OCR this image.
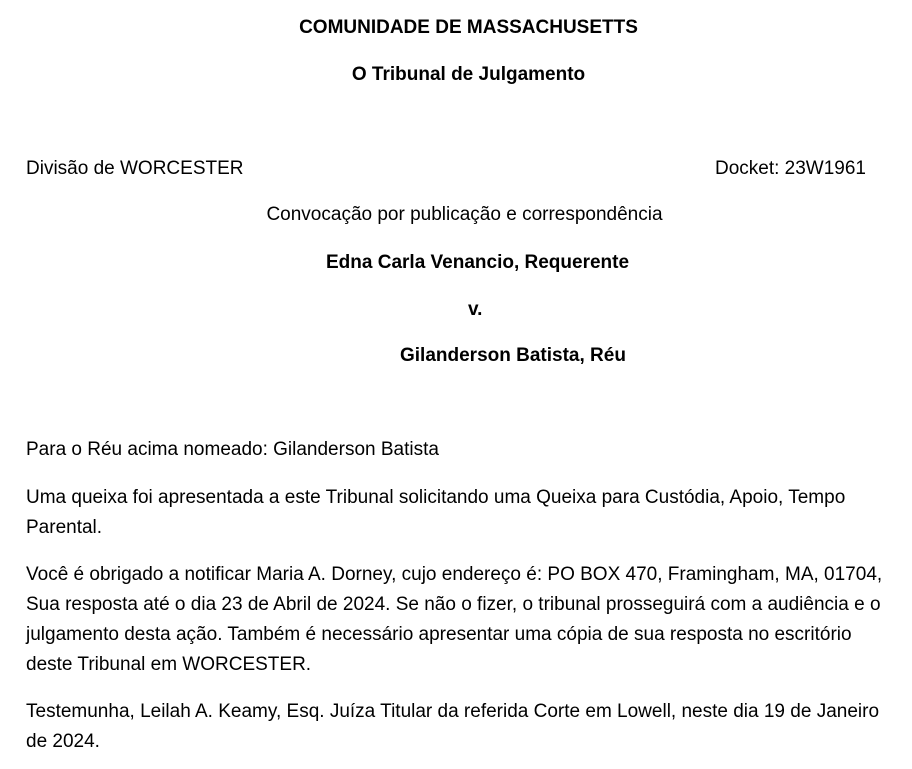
COMUNIDADE DE MASSACHUSETTS
O Tribunal de Julgamento
Divisão de WORCESTER	Docket: 23W1961
Convocação por publicação e correspondência
Edna Carla Venancio, Requerente
v.
Gilanderson Batista, Réu
Para o Réu acima nomeado: Gilanderson Batista
Uma queixa foi apresentada a este Tribunal solicitando uma Queixa para Custódia, Apoio, Tempo Parental.
Você é obrigado a notificar Maria A. Dorney, cujo endereço é: PO BOX 470, Framingham, MA, 01704, Sua resposta até o dia 23 de Abril de 2024. Se não o fizer, o tribunal prosseguirá com a audiência e o julgamento desta ação. Também é necessário apresentar uma cópia de sua resposta no escritório deste Tribunal em WORCESTER.
Testemunha, Leilah A. Keamy, Esq. Juíza Titular da referida Corte em Lowell, neste dia 19 de Janeiro de 2024.
